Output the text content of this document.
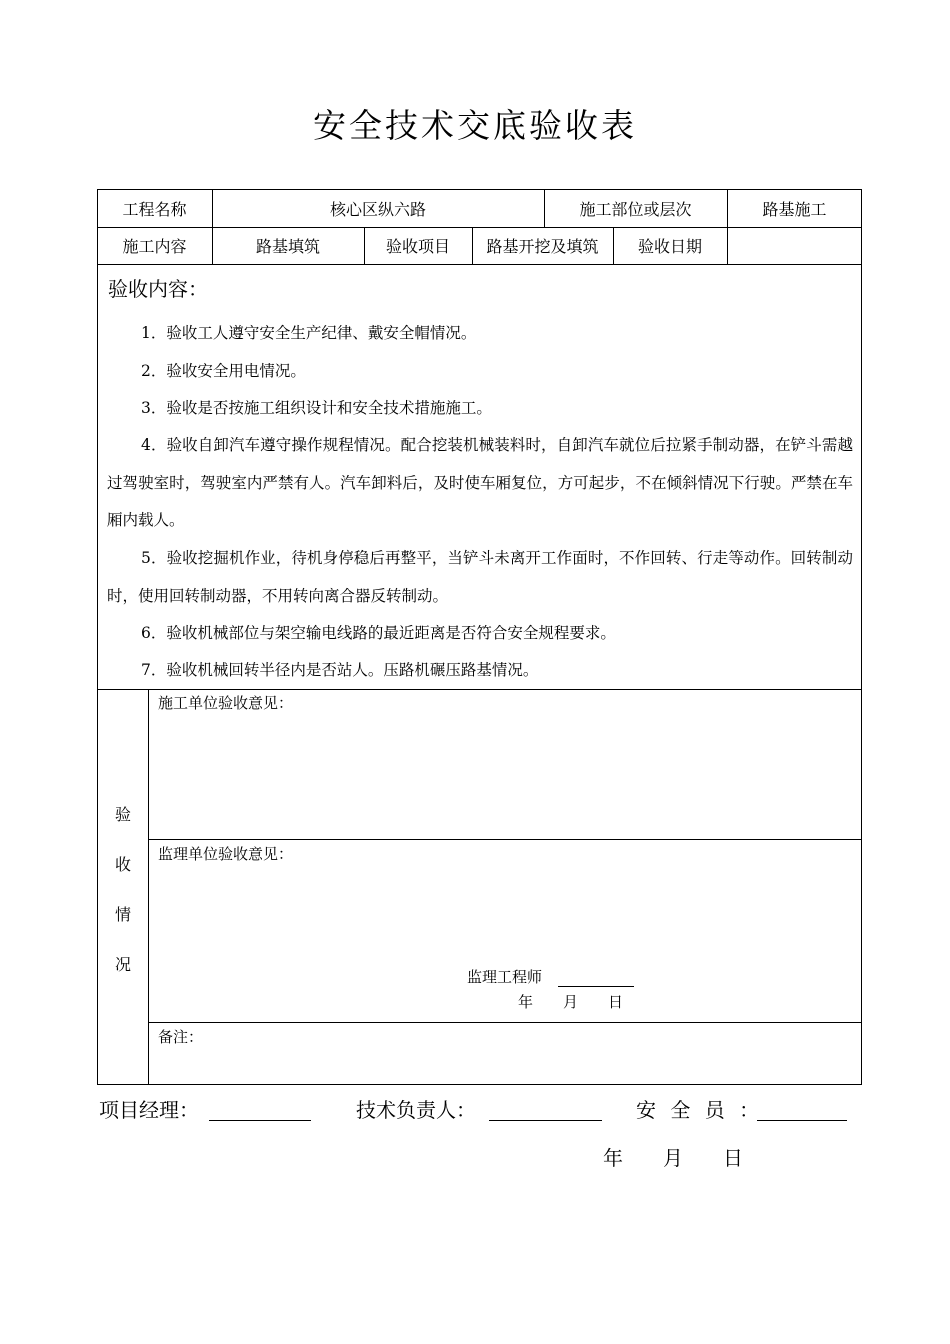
安全技术交底验收表
工程名称	核心区纵六路	施工部位或层次	路基施工
施工内容	路基填筑	验收项目	路基开挖及填筑	验收日期
验收内容：
1．验收工人遵守安全生产纪律、戴安全帽情况。
2．验收安全用电情况。
3．验收是否按施工组织设计和安全技术措施施工。
4．验收自卸汽车遵守操作规程情况。配合挖装机械装料时，自卸汽车就位后拉紧手制动器，在铲斗需越过驾驶室时，驾驶室内严禁有人。汽车卸料后，及时使车厢复位，方可起步，不在倾斜情况下行驶。严禁在车厢内载人。
5．验收挖掘机作业，待机身停稳后再整平，当铲斗未离开工作面时，不作回转、行走等动作。回转制动时，使用回转制动器，不用转向离合器反转制动。
6．验收机械部位与架空输电线路的最近距离是否符合安全规程要求。
7．验收机械回转半径内是否站人。压路机碾压路基情况。
验
收
情
况
施工单位验收意见：
监理单位验收意见：
监理工程师
年　　月　　日
备注：
项目经理：	技术负责人：	安 全 员 ：
年　　月　　日
